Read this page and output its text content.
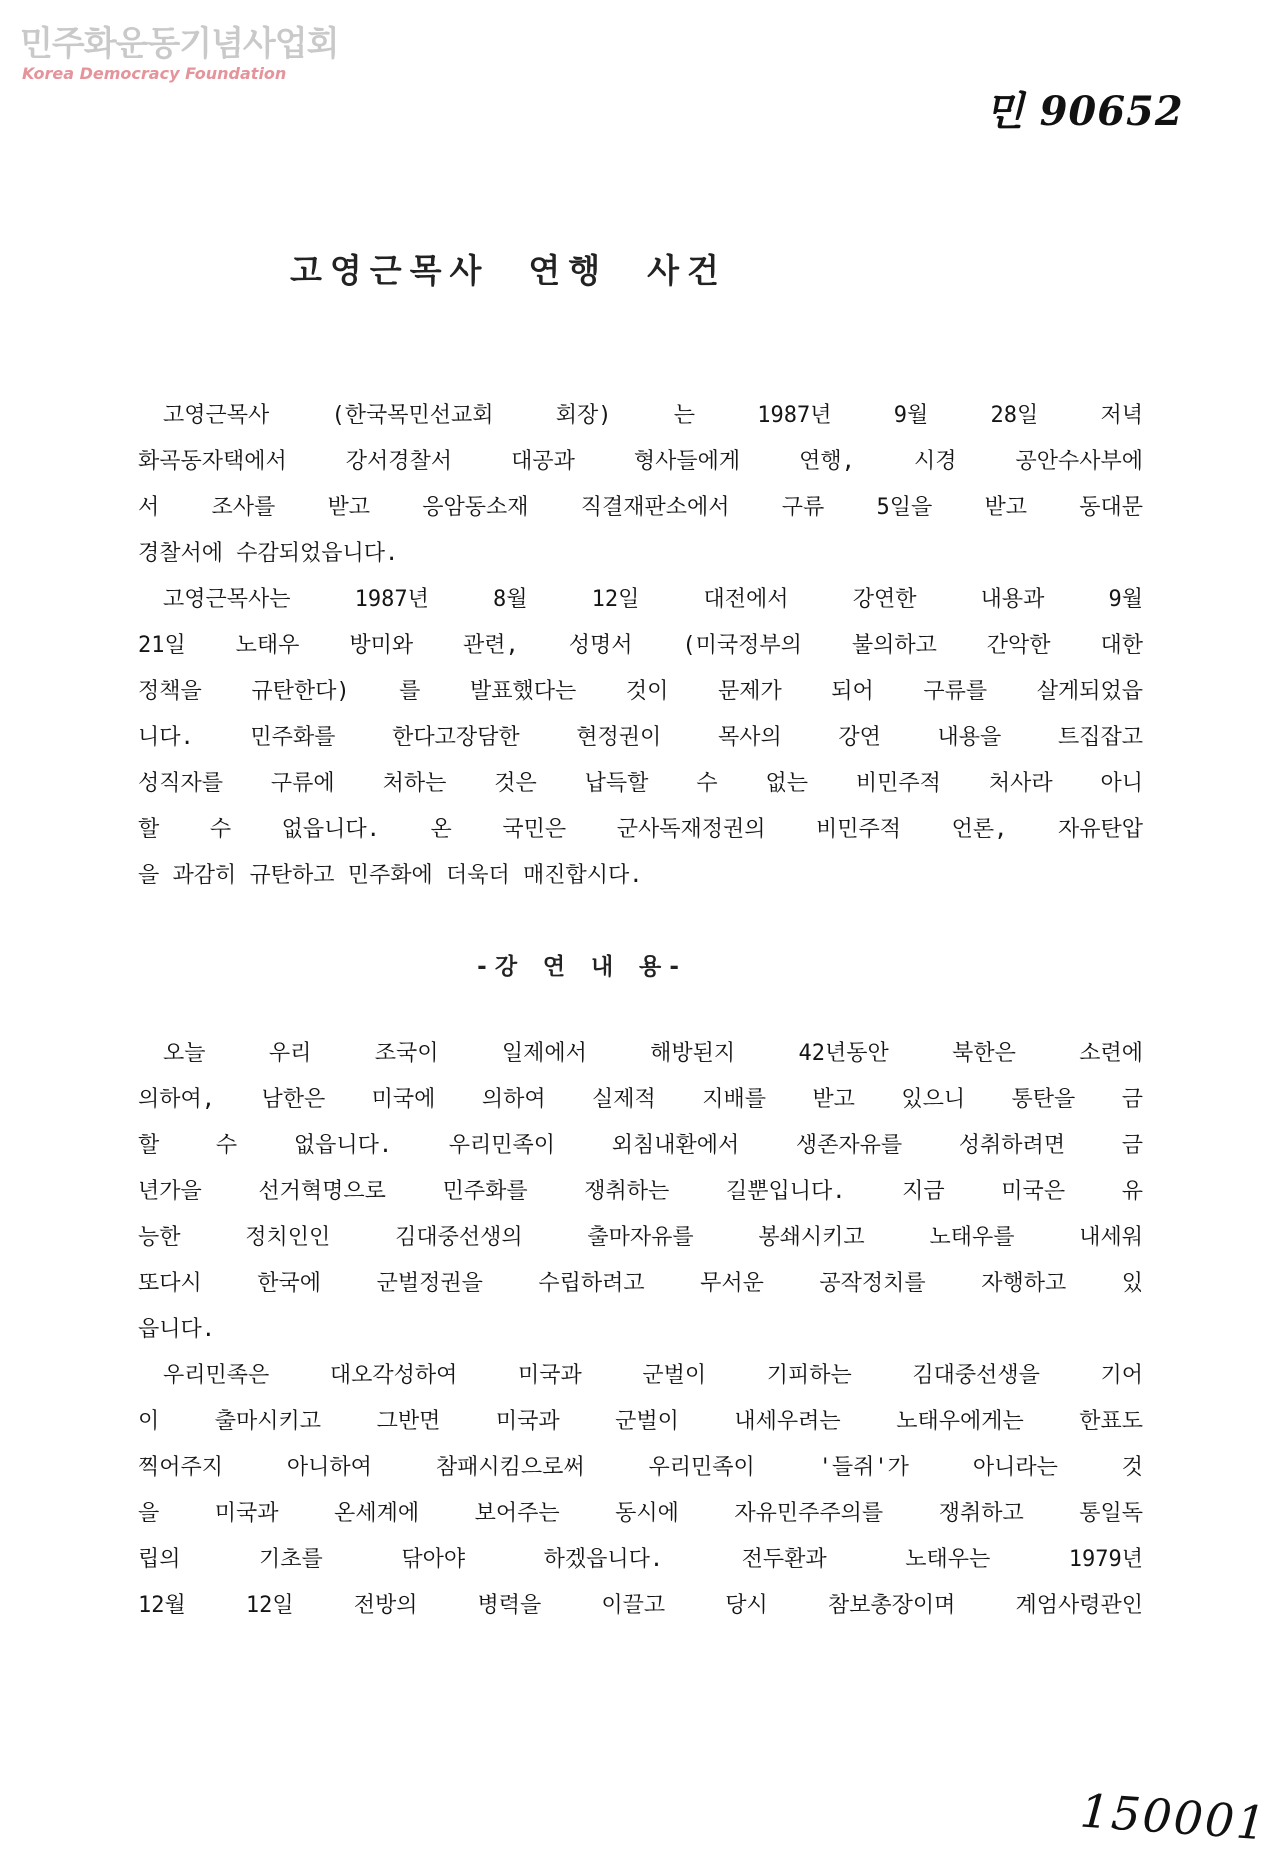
민주화운동기념사업회
Korea Democracy Foundation
민 90652
고영근목사  연행  사건
고영근목사 (한국목민선교회 회장) 는 1987년 9월 28일 저녁
화곡동자택에서 강서경찰서 대공과 형사들에게 연행, 시경 공안수사부에
서 조사를 받고 응암동소재 직결재판소에서 구류 5일을 받고 동대문
경찰서에 수감되었읍니다.
고영근목사는 1987년 8월 12일 대전에서 강연한 내용과 9월
21일 노태우 방미와 관련, 성명서 (미국정부의 불의하고 간악한 대한
정책을 규탄한다) 를 발표했다는 것이 문제가 되어 구류를 살게되었읍
니다. 민주화를 한다고장담한 현정권이 목사의 강연 내용을 트집잡고
성직자를 구류에 처하는 것은 납득할 수 없는 비민주적 처사라 아니
할 수 없읍니다. 온 국민은 군사독재정권의 비민주적 언론, 자유탄압
을 과감히 규탄하고 민주화에 더욱더 매진합시다.
-강 연 내 용-
오늘 우리 조국이 일제에서 해방된지 42년동안 북한은 소련에
의하여, 남한은 미국에 의하여 실제적 지배를 받고 있으니 통탄을 금
할 수 없읍니다. 우리민족이 외침내환에서 생존자유를 성취하려면 금
년가을 선거혁명으로 민주화를 쟁취하는 길뿐입니다. 지금 미국은 유
능한 정치인인 김대중선생의 출마자유를 봉쇄시키고 노태우를 내세워
또다시 한국에 군벌정권을 수립하려고 무서운 공작정치를 자행하고 있
읍니다.
우리민족은 대오각성하여 미국과 군벌이 기피하는 김대중선생을 기어
이 출마시키고 그반면 미국과 군벌이 내세우려는 노태우에게는 한표도
찍어주지 아니하여 참패시킴으로써 우리민족이 '들쥐'가 아니라는 것
을 미국과 온세계에 보어주는 동시에 자유민주주의를 쟁취하고 통일독
립의 기초를 닦아야 하겠읍니다. 전두환과 노태우는 1979년
12월 12일 전방의 병력을 이끌고 당시 참보총장이며 계엄사령관인
150001
